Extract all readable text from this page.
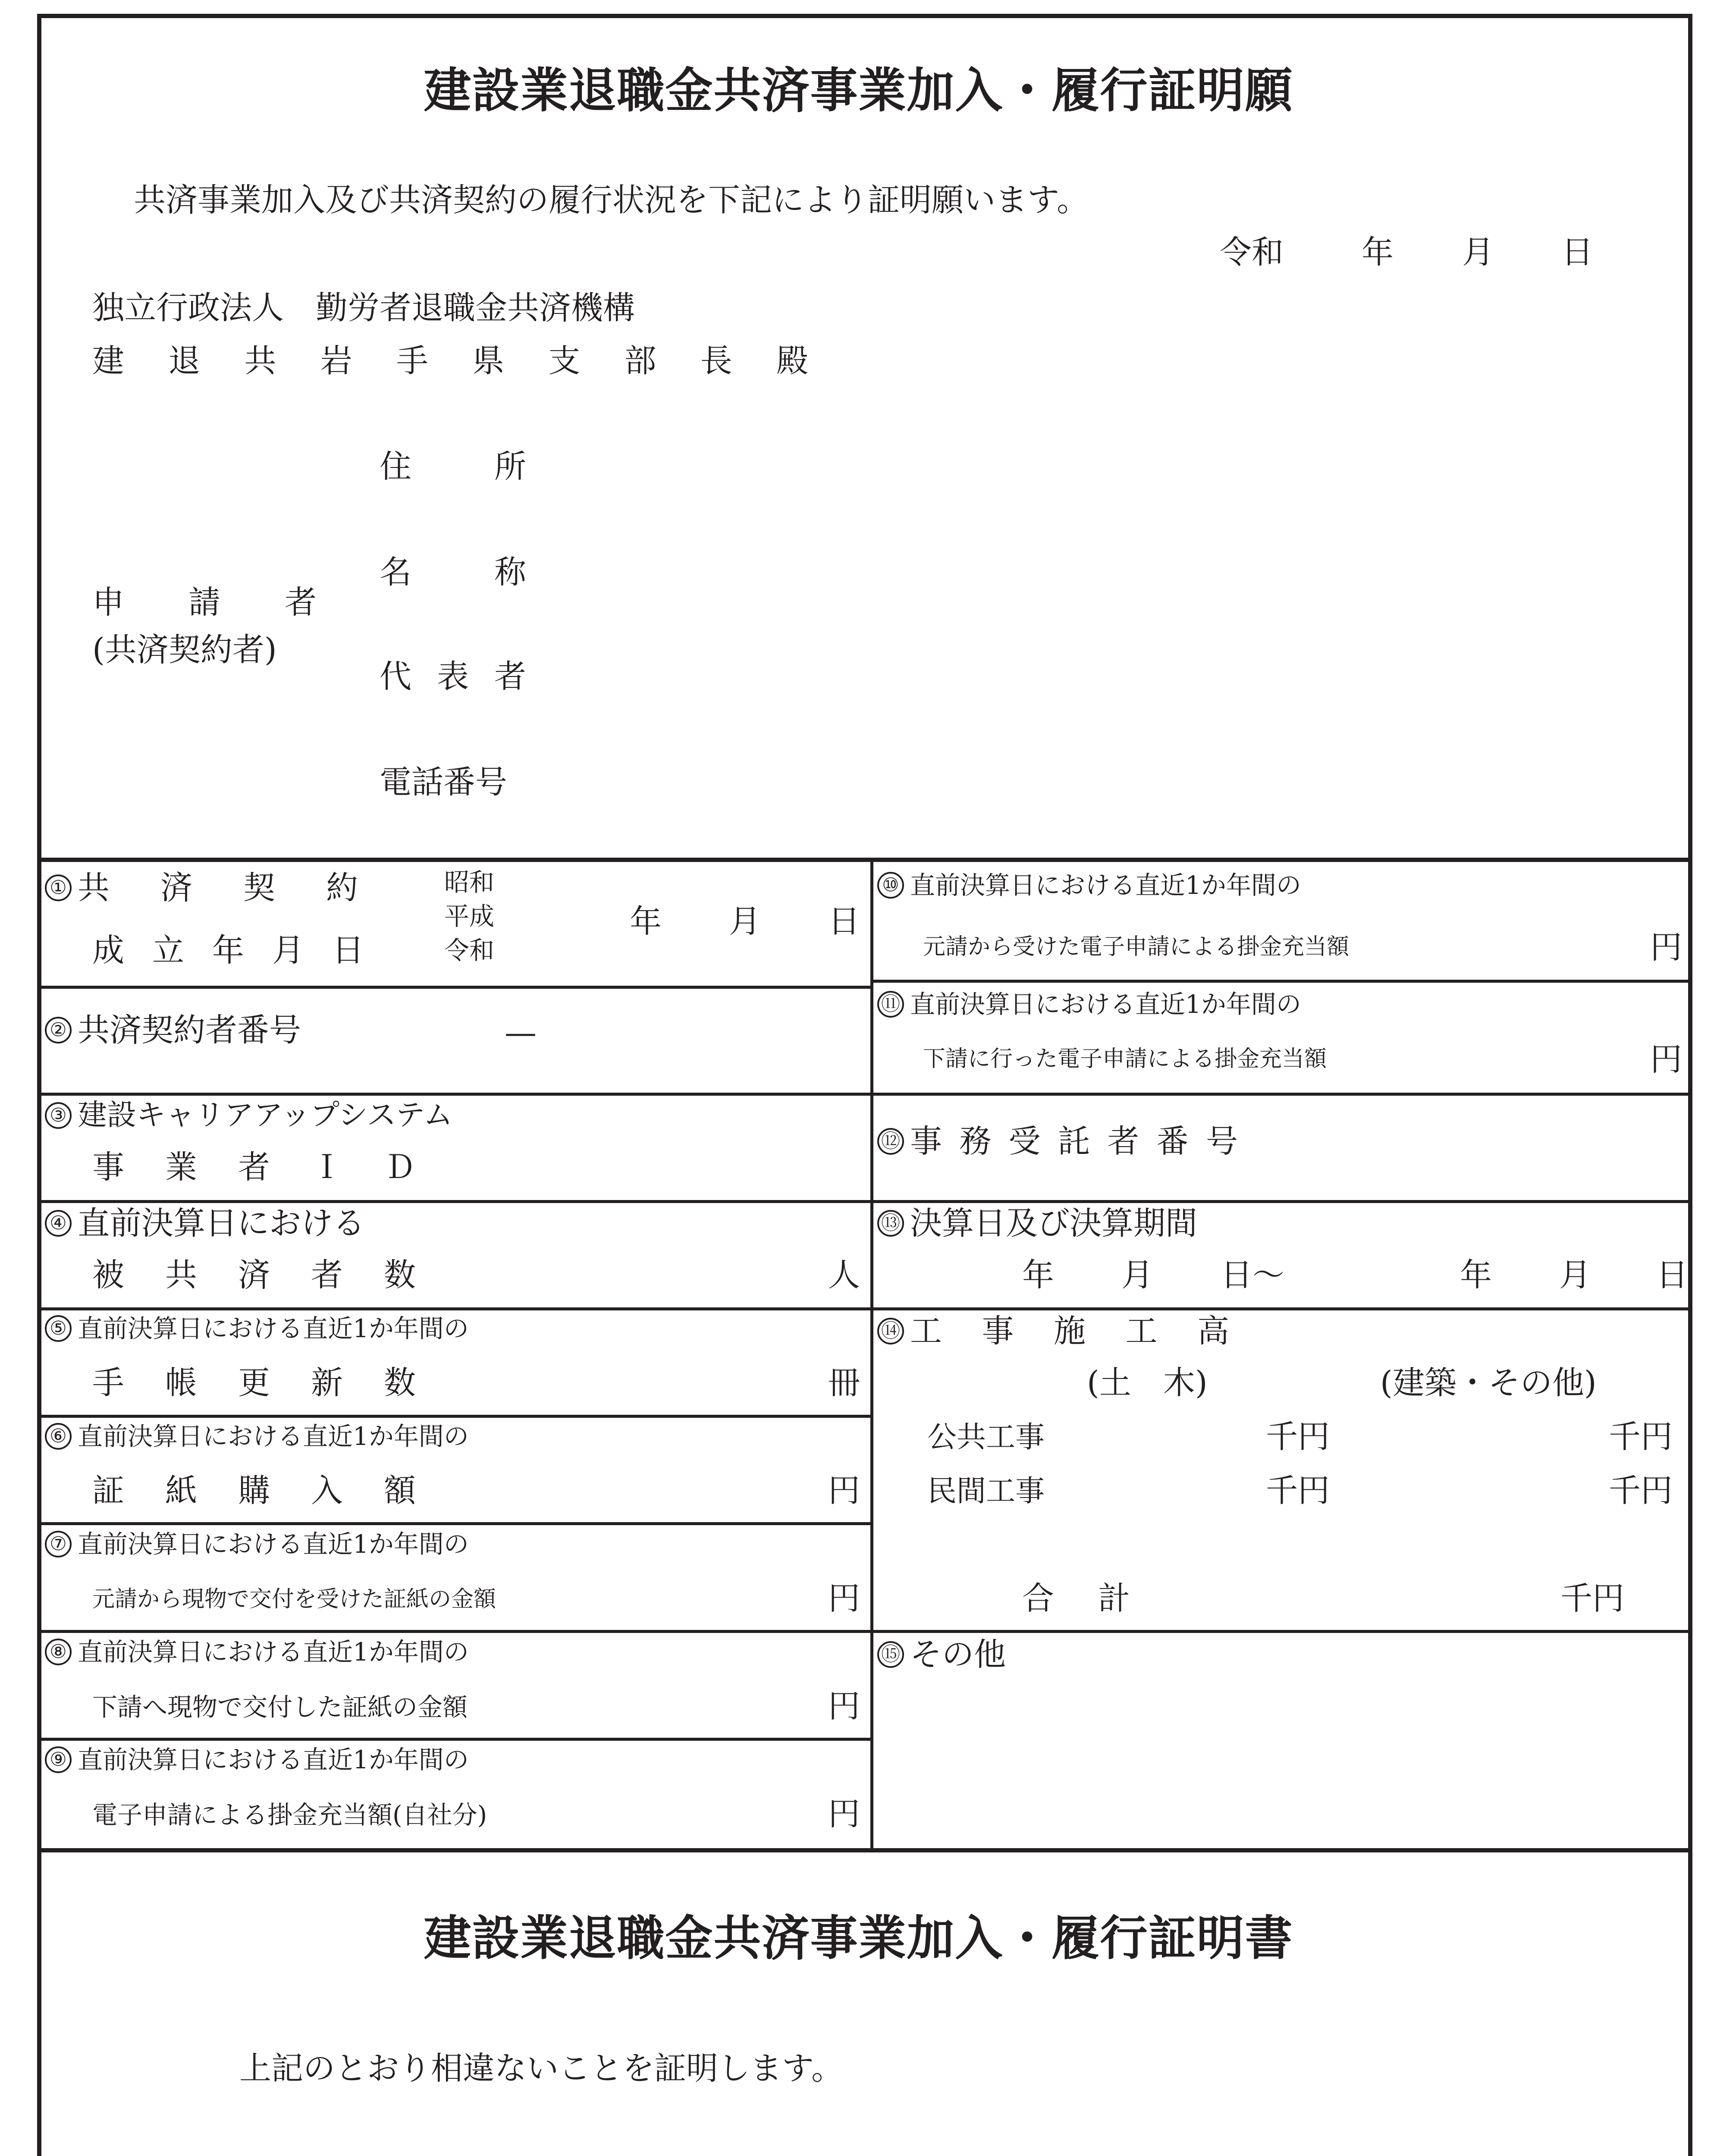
建設業退職金共済事業加入・履行証明願
共済事業加入及び共済契約の履行状況を下記により証明願います。
令和 年 月 日
独立行政法人　勤労者退職金共済機構
建 退 共 岩 手 県 支 部 長 殿
住	所
名	称
申 請 者
(共済契約者)
代 表 者
電話番号
① 共 済 契 約
成 立 年 月 日
昭和
平成
令和
年 月 日
② 共済契約者番号	—
③ 建設キャリアアップシステム
事 業 者 Ｉ Ｄ
④ 直前決算日における
被 共 済 者 数	人
⑤ 直前決算日における直近1か年間の
手 帳 更 新 数	冊
⑥ 直前決算日における直近1か年間の
証 紙 購 入 額	円
⑦ 直前決算日における直近1か年間の
元請から現物で交付を受けた証紙の金額	円
⑧ 直前決算日における直近1か年間の
下請へ現物で交付した証紙の金額	円
⑨ 直前決算日における直近1か年間の
電子申請による掛金充当額(自社分)	円
⑩ 直前決算日における直近1か年間の
元請から受けた電子申請による掛金充当額	円
⑪ 直前決算日における直近1か年間の
下請に行った電子申請による掛金充当額	円
⑫ 事 務 受 託 者 番 号
⑬ 決算日及び決算期間
年 月 日～	年 月 日
⑭ 工 事 施 工 高
(土　木)	(建築・その他)
公共工事	千円	千円
民間工事	千円	千円
合 計	千円
⑮ その他
建設業退職金共済事業加入・履行証明書
上記のとおり相違ないことを証明します。
